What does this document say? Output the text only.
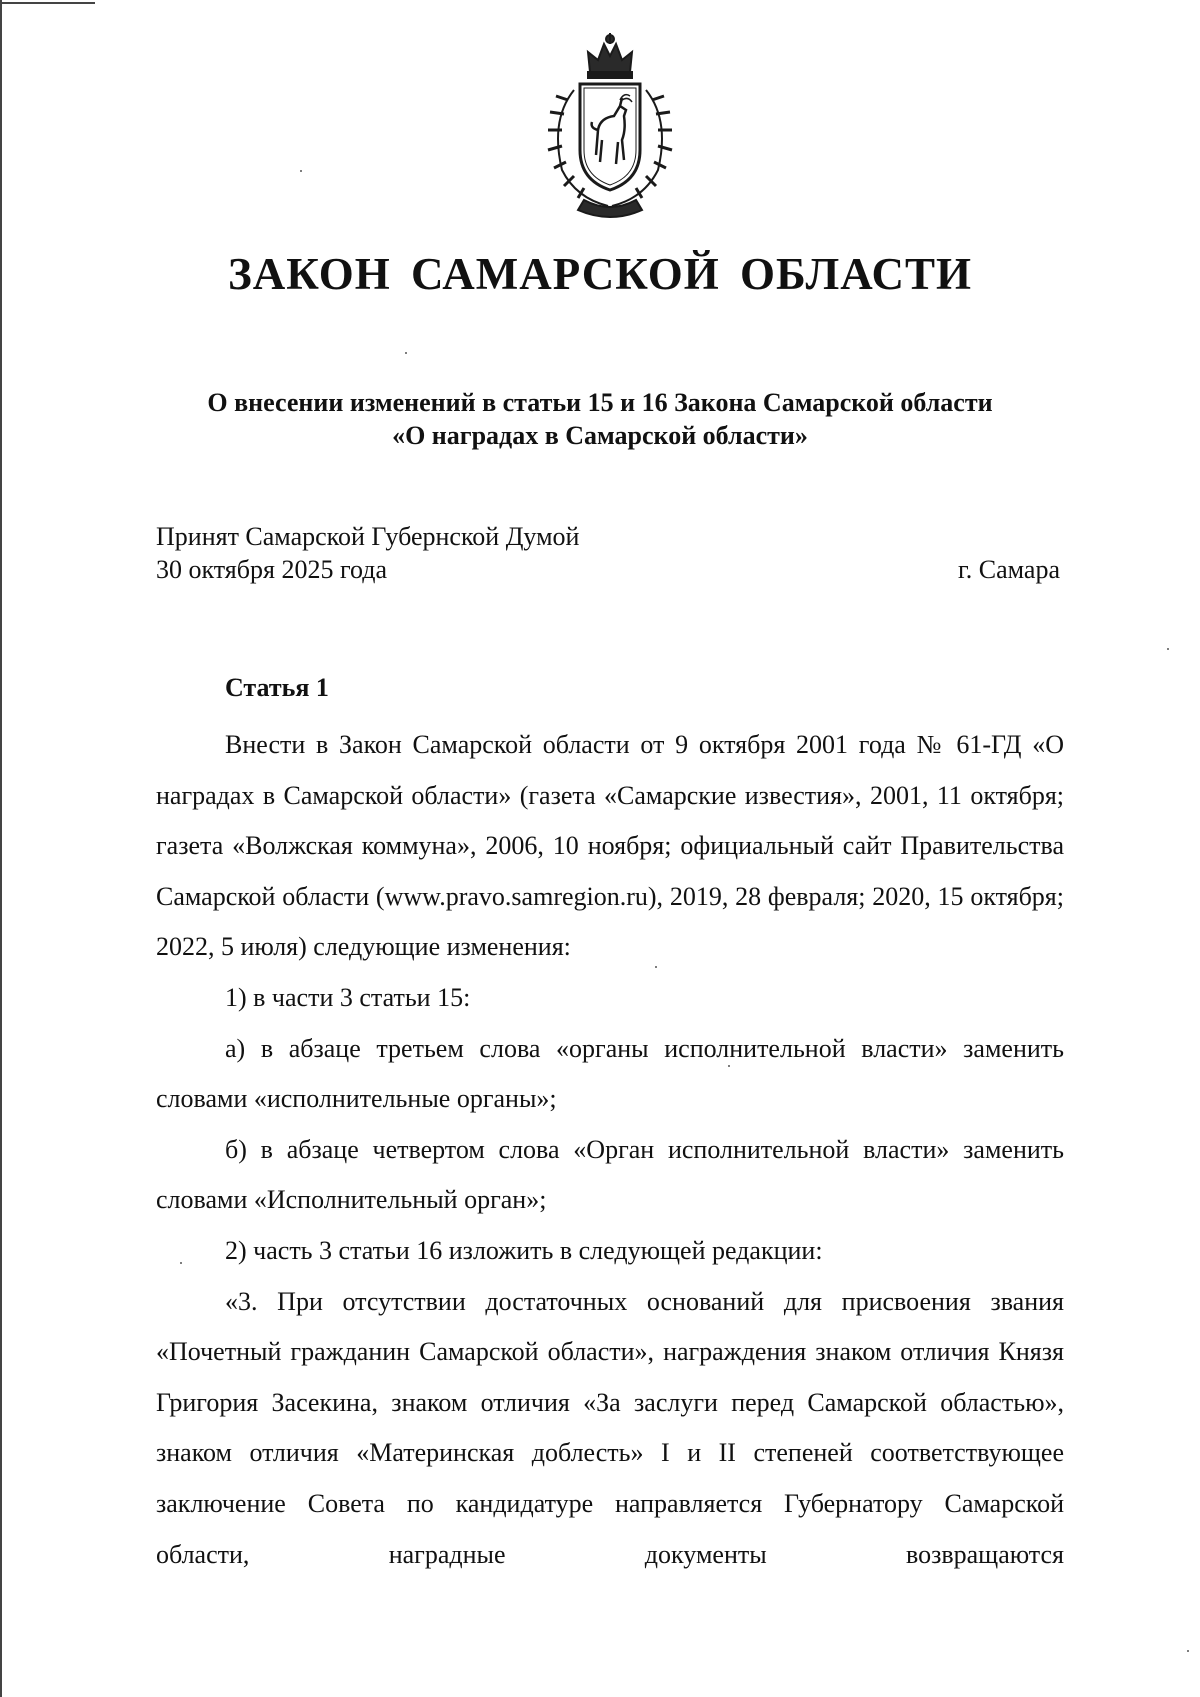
ЗАКОН САМАРСКОЙ ОБЛАСТИ
О внесении изменений в статьи 15 и 16 Закона Самарской области
«О наградах в Самарской области»
Принят Самарской Губернской Думой
30 октября 2025 года	г. Самара
Статья 1

Внести в Закон Самарской области от 9 октября 2001 года № 61-ГД «О наградах в Самарской области» (газета «Самарские известия», 2001, 11 октября; газета «Волжская коммуна», 2006, 10 ноября; официальный сайт Правительства Самарской области (www.pravo.samregion.ru), 2019, 28 февраля; 2020, 15 октября; 2022, 5 июля) следующие изменения:

1) в части 3 статьи 15:

а) в абзаце третьем слова «органы исполнительной власти» заменить словами «исполнительные органы»;

б) в абзаце четвертом слова «Орган исполнительной власти» заменить словами «Исполнительный орган»;

2) часть 3 статьи 16 изложить в следующей редакции:

«3. При отсутствии достаточных оснований для присвоения звания «Почетный гражданин Самарской области», награждения знаком отличия Князя Григория Засекина, знаком отличия «За заслуги перед Самарской областью», знаком отличия «Материнская доблесть» I и II степеней соответствующее заключение Совета по кандидатуре направляется Губернатору Самарской области, наградные документы возвращаются
